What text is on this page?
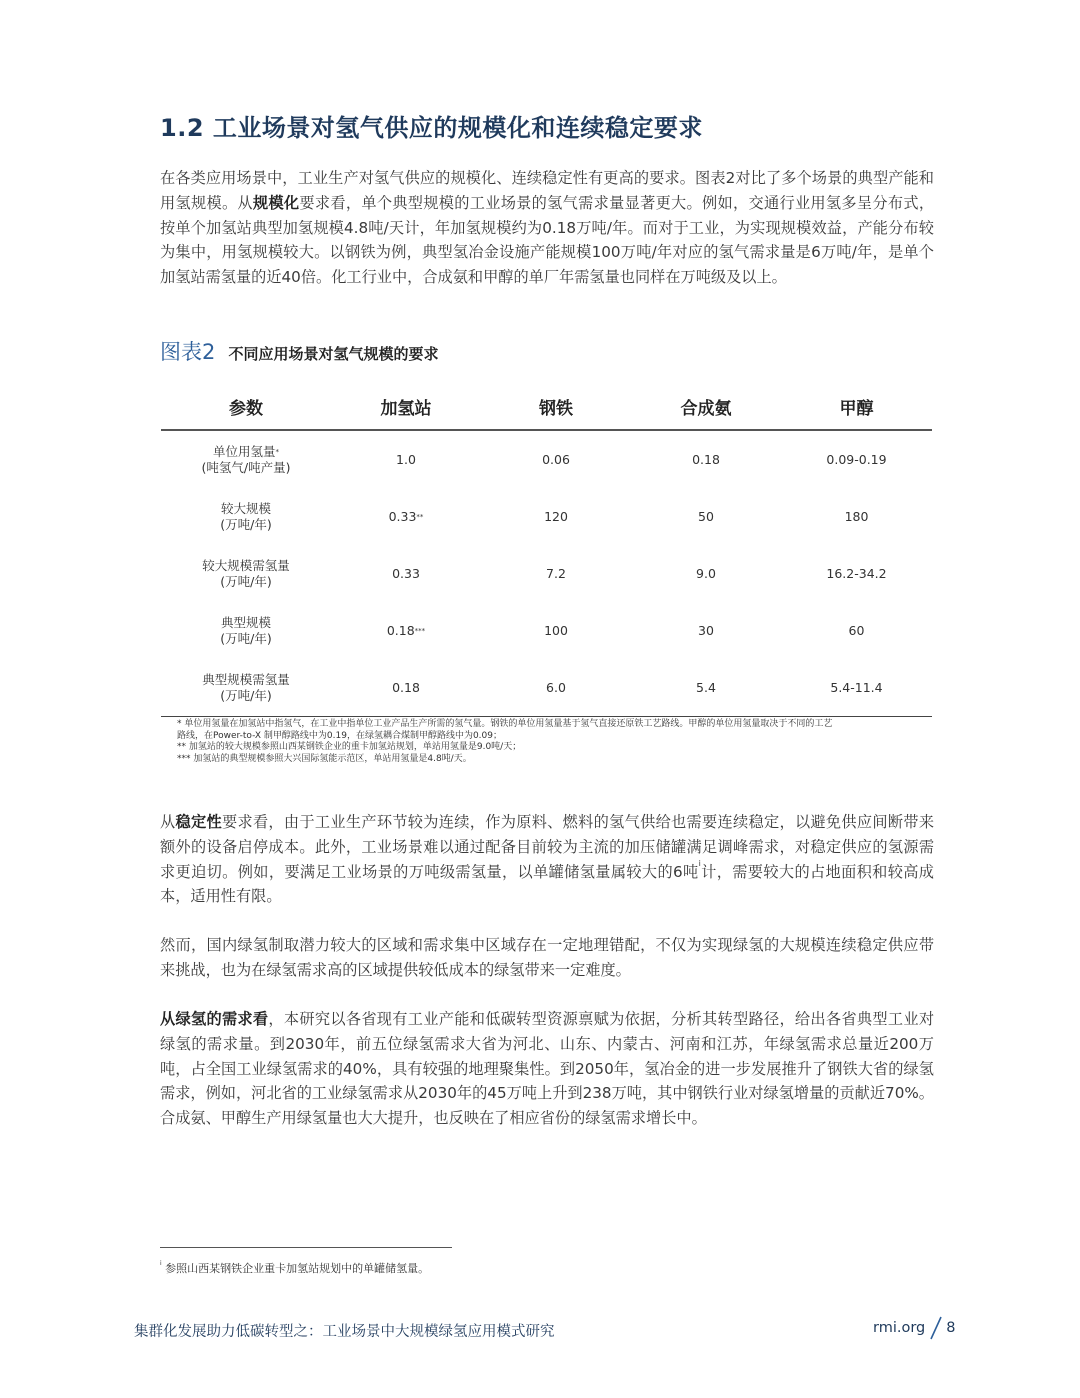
1.2 工业场景对氢气供应的规模化和连续稳定要求

在各类应用场景中，工业生产对氢气供应的规模化、连续稳定性有更高的要求。图表2对比了多个场景的典型产能和用氢规模。从规模化要求看，单个典型规模的工业场景的氢气需求量显著更大。例如，交通行业用氢多呈分布式，按单个加氢站典型加氢规模4.8吨/天计，年加氢规模约为0.18万吨/年。而对于工业，为实现规模效益，产能分布较为集中，用氢规模较大。以钢铁为例，典型氢冶金设施产能规模100万吨/年对应的氢气需求量是6万吨/年，是单个加氢站需氢量的近40倍。化工行业中，合成氨和甲醇的单厂年需氢量也同样在万吨级及以上。

图表2 不同应用场景对氢气规模的要求
参数	加氢站	钢铁	合成氨	甲醇
单位用氢量*
(吨氢气/吨产量)	1.0	0.06	0.18	0.09-0.19
较大规模
(万吨/年)	0.33**	120	50	180
较大规模需氢量
(万吨/年)	0.33	7.2	9.0	16.2-34.2
典型规模
(万吨/年)	0.18***	100	30	60
典型规模需氢量
(万吨/年)	0.18	6.0	5.4	5.4-11.4
* 单位用氢量在加氢站中指氢气，在工业中指单位工业产品生产所需的氢气量。钢铁的单位用氢量基于氢气直接还原铁工艺路线。甲醇的单位用氢量取决于不同的工艺
路线，在Power-to-X 制甲醇路线中为0.19，在绿氢耦合煤制甲醇路线中为0.09；
** 加氢站的较大规模参照山西某钢铁企业的重卡加氢站规划，单站用氢量是9.0吨/天；
*** 加氢站的典型规模参照大兴国际氢能示范区，单站用氢量是4.8吨/天。

从稳定性要求看，由于工业生产环节较为连续，作为原料、燃料的氢气供给也需要连续稳定，以避免供应间断带来额外的设备启停成本。此外，工业场景难以通过配备目前较为主流的加压储罐满足调峰需求，对稳定供应的氢源需求更迫切。例如，要满足工业场景的万吨级需氢量，以单罐储氢量属较大的6吨$^i$计，需要较大的占地面积和较高成本，适用性有限。

然而，国内绿氢制取潜力较大的区域和需求集中区域存在一定地理错配，不仅为实现绿氢的大规模连续稳定供应带来挑战，也为在绿氢需求高的区域提供较低成本的绿氢带来一定难度。

从绿氢的需求看，本研究以各省现有工业产能和低碳转型资源禀赋为依据，分析其转型路径，给出各省典型工业对绿氢的需求量。到2030年，前五位绿氢需求大省为河北、山东、内蒙古、河南和江苏，年绿氢需求总量近200万吨，占全国工业绿氢需求的40%，具有较强的地理聚集性。到2050年，氢冶金的进一步发展推升了钢铁大省的绿氢需求，例如，河北省的工业绿氢需求从2030年的45万吨上升到238万吨，其中钢铁行业对绿氢增量的贡献近70%。合成氨、甲醇生产用绿氢量也大大提升，也反映在了相应省份的绿氢需求增长中。

$^i$ 参照山西某钢铁企业重卡加氢站规划中的单罐储氢量。
集群化发展助力低碳转型之：工业场景中大规模绿氢应用模式研究	rmi.org 8
